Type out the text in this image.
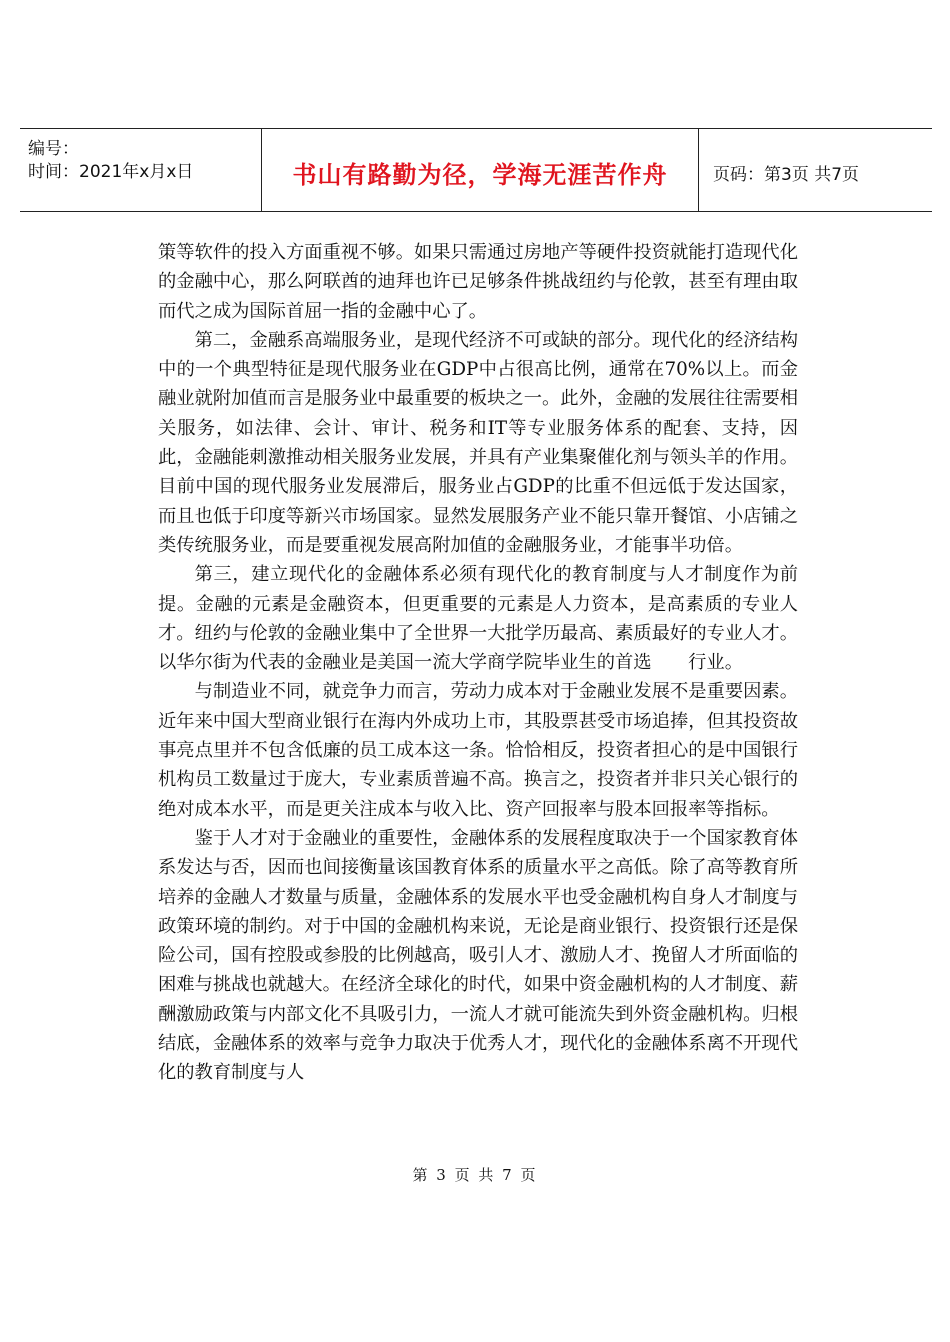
编号：
时间：2021年x月x日	书山有路勤为径，学海无涯苦作舟	页码：第3页 共7页

策等软件的投入方面重视不够。如果只需通过房地产等硬件投资就能打造现代化的金融中心，那么阿联酋的迪拜也许已足够条件挑战纽约与伦敦，甚至有理由取而代之成为国际首屈一指的金融中心了。

第二，金融系高端服务业，是现代经济不可或缺的部分。现代化的经济结构中的一个典型特征是现代服务业在GDP中占很高比例，通常在70%以上。而金融业就附加值而言是服务业中最重要的板块之一。此外，金融的发展往往需要相关服务，如法律、会计、审计、税务和IT等专业服务体系的配套、支持，因此，金融能刺激推动相关服务业发展，并具有产业集聚催化剂与领头羊的作用。目前中国的现代服务业发展滞后，服务业占GDP的比重不但远低于发达国家，而且也低于印度等新兴市场国家。显然发展服务产业不能只靠开餐馆、小店铺之类传统服务业，而是要重视发展高附加值的金融服务业，才能事半功倍。

第三，建立现代化的金融体系必须有现代化的教育制度与人才制度作为前提。金融的元素是金融资本，但更重要的元素是人力资本，是高素质的专业人才。纽约与伦敦的金融业集中了全世界一大批学历最高、素质最好的专业人才。以华尔街为代表的金融业是美国一流大学商学院毕业生的首选　　行业。

与制造业不同，就竞争力而言，劳动力成本对于金融业发展不是重要因素。近年来中国大型商业银行在海内外成功上市，其股票甚受市场追捧，但其投资故事亮点里并不包含低廉的员工成本这一条。恰恰相反，投资者担心的是中国银行机构员工数量过于庞大，专业素质普遍不高。换言之，投资者并非只关心银行的绝对成本水平，而是更关注成本与收入比、资产回报率与股本回报率等指标。

鉴于人才对于金融业的重要性，金融体系的发展程度取决于一个国家教育体系发达与否，因而也间接衡量该国教育体系的质量水平之高低。除了高等教育所培养的金融人才数量与质量，金融体系的发展水平也受金融机构自身人才制度与政策环境的制约。对于中国的金融机构来说，无论是商业银行、投资银行还是保险公司，国有控股或参股的比例越高，吸引人才、激励人才、挽留人才所面临的困难与挑战也就越大。在经济全球化的时代，如果中资金融机构的人才制度、薪酬激励政策与内部文化不具吸引力，一流人才就可能流失到外资金融机构。归根结底，金融体系的效率与竞争力取决于优秀人才，现代化的金融体系离不开现代化的教育制度与人

第 3 页 共 7 页
